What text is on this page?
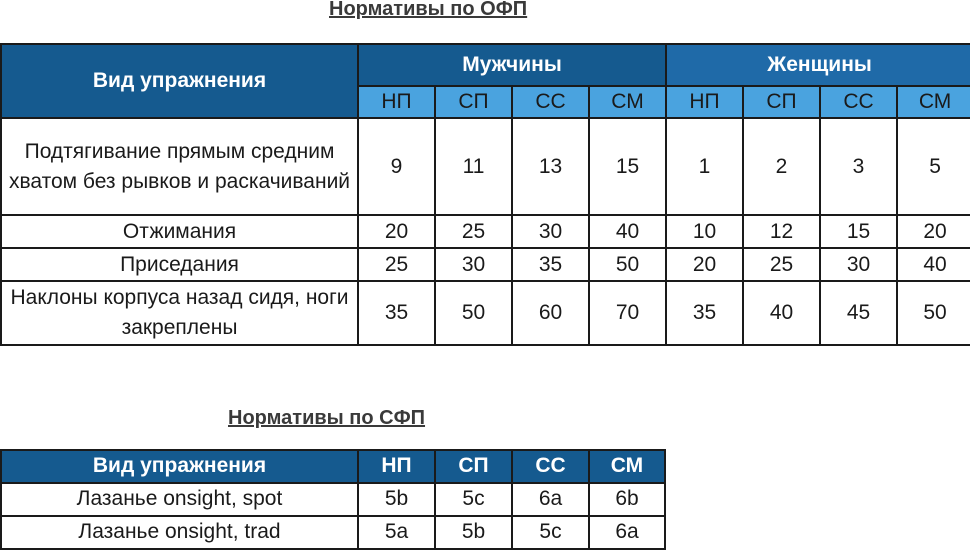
Нормативы по ОФП
Вид упражнения	Мужчины				Женщины			
	НП	СП	СС	СМ	НП	СП	СС	СМ
Подтягивание прямым средним хватом без рывков и раскачиваний	9	11	13	15	1	2	3	5
Отжимания	20	25	30	40	10	12	15	20
Приседания	25	30	35	50	20	25	30	40
Наклоны корпуса назад сидя, ноги закреплены	35	50	60	70	35	40	45	50
Нормативы по СФП
Вид упражнения	НП	СП	СС	СМ
Лазанье onsight, spot	5b	5c	6a	6b
Лазанье onsight, trad	5a	5b	5c	6a
